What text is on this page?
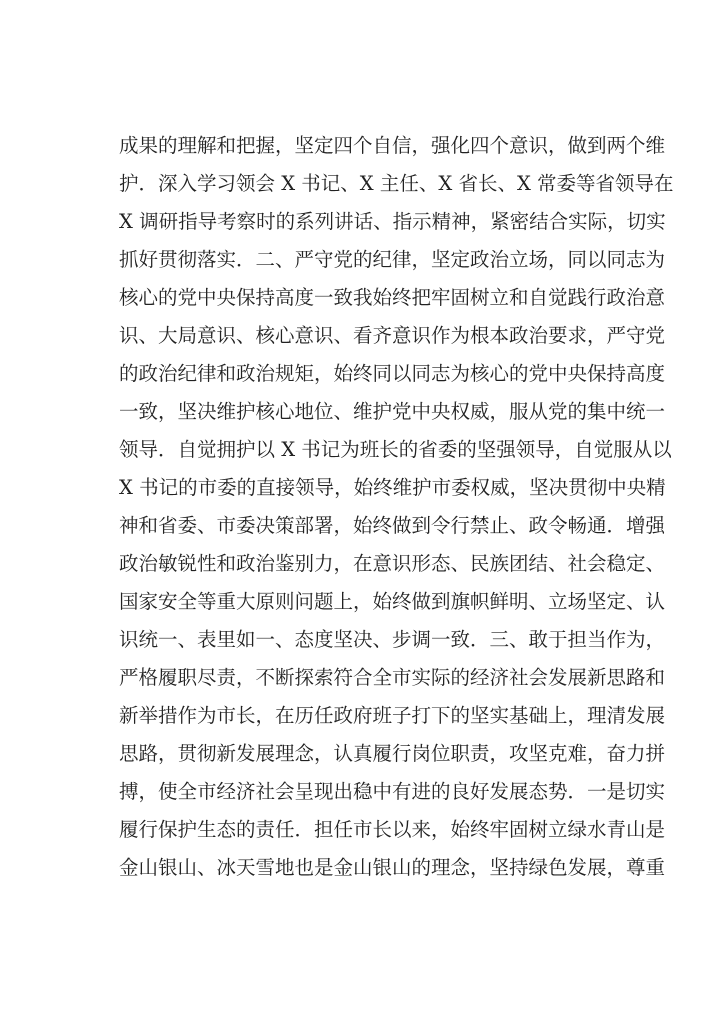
成果的理解和把握，坚定四个自信，强化四个意识，做到两个维
护．深入学习领会 X 书记、X 主任、X 省长、X 常委等省领导在
X 调研指导考察时的系列讲话、指示精神，紧密结合实际，切实
抓好贯彻落实．二、严守党的纪律，坚定政治立场，同以同志为
核心的党中央保持高度一致我始终把牢固树立和自觉践行政治意
识、大局意识、核心意识、看齐意识作为根本政治要求，严守党
的政治纪律和政治规矩，始终同以同志为核心的党中央保持高度
一致，坚决维护核心地位、维护党中央权威，服从党的集中统一
领导．自觉拥护以 X 书记为班长的省委的坚强领导，自觉服从以
X 书记的市委的直接领导，始终维护市委权威，坚决贯彻中央精
神和省委、市委决策部署，始终做到令行禁止、政令畅通．增强
政治敏锐性和政治鉴别力，在意识形态、民族团结、社会稳定、
国家安全等重大原则问题上，始终做到旗帜鲜明、立场坚定、认
识统一、表里如一、态度坚决、步调一致．三、敢于担当作为，
严格履职尽责，不断探索符合全市实际的经济社会发展新思路和
新举措作为市长，在历任政府班子打下的坚实基础上，理清发展
思路，贯彻新发展理念，认真履行岗位职责，攻坚克难，奋力拼
搏，使全市经济社会呈现出稳中有进的良好发展态势．一是切实
履行保护生态的责任．担任市长以来，始终牢固树立绿水青山是
金山银山、冰天雪地也是金山银山的理念，坚持绿色发展，尊重
